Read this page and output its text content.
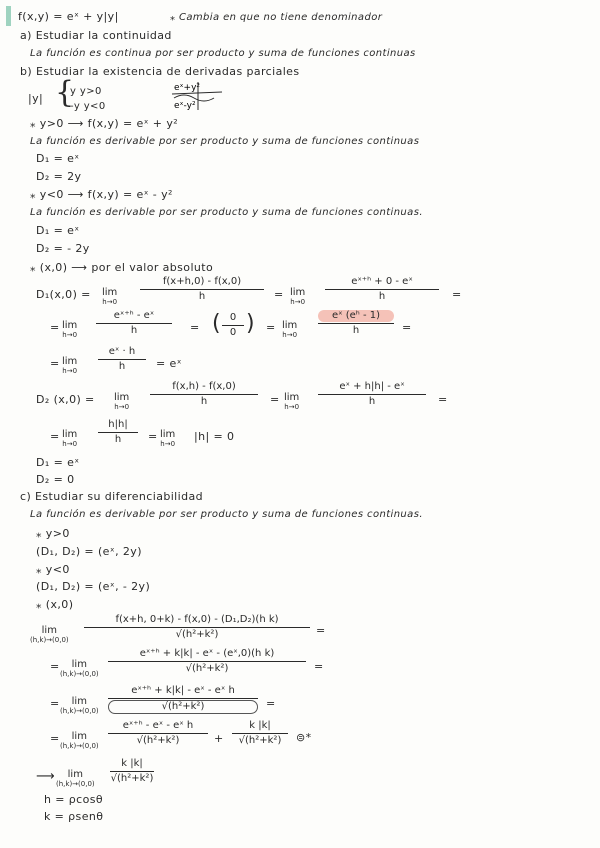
f(x,y) = eˣ + y|y|	⁎ Cambia en que no tiene denominador
a) Estudiar la continuidad
La función es continua por ser producto y suma de funciones continuas
b) Estudiar la existencia de derivadas parciales
|y| {
y y>0
-y y<0
eˣ+y²
eˣ-y²
⁎ y>0 ⟶ f(x,y) = eˣ + y²
La función es derivable por ser producto y suma de funciones continuas
D₁ = eˣ
D₂ = 2y
⁎ y<0 ⟶ f(x,y) = eˣ - y²
La función es derivable por ser producto y suma de funciones continuas.
D₁ = eˣ
D₂ = - 2y
⁎ (x,0) ⟶ por el valor absoluto
D₁(x,0) = lim
h→0
f(x+h,0) - f(x,0)
h	= lim
h→0
eˣ⁺ʰ + 0 - eˣ
h	=
= lim
h→0
eˣ⁺ʰ - eˣ
h	= ( 0
0 ) = lim
h→0
eˣ (eʰ - 1)
h	=
= lim
h→0
eˣ · h
h	= eˣ
D₂ (x,0) = lim
h→0
f(x,h) - f(x,0)
h	= lim
h→0
eˣ + h|h| - eˣ
h	=
= lim
h→0
h|h|
h	= lim
h→0
|h| = 0
D₁ = eˣ
D₂ = 0
c) Estudiar su diferenciabilidad
La función es derivable por ser producto y suma de funciones continuas.
⁎ y>0
(D₁, D₂) = (eˣ, 2y)
⁎ y<0
(D₁, D₂) = (eˣ, - 2y)
⁎ (x,0)
lim
(h,k)→(0,0)
f(x+h, 0+k) - f(x,0) - (D₁,D₂)(h k)
√(h²+k²)	=
=	lim
(h,k)→(0,0)
eˣ⁺ʰ + k|k| - eˣ - (eˣ,0)(h k)
√(h²+k²)	=
=	lim
$(h,k)\to(0,0) \frac{\text{eˣ⁺ʰ + k|k| - eˣ - eˣ h}}{\text{√(h²+k²)}}$ =
=	lim
(h,k)→(0,0)
eˣ⁺ʰ - eˣ - eˣ h
√(h²+k²)	+
k |k|
√(h²+k²)	⊜*
⟶	lim
(h,k)→(0,0)
k |k|
√(h²+k²)
h = ρcosθ
k = ρsenθ
